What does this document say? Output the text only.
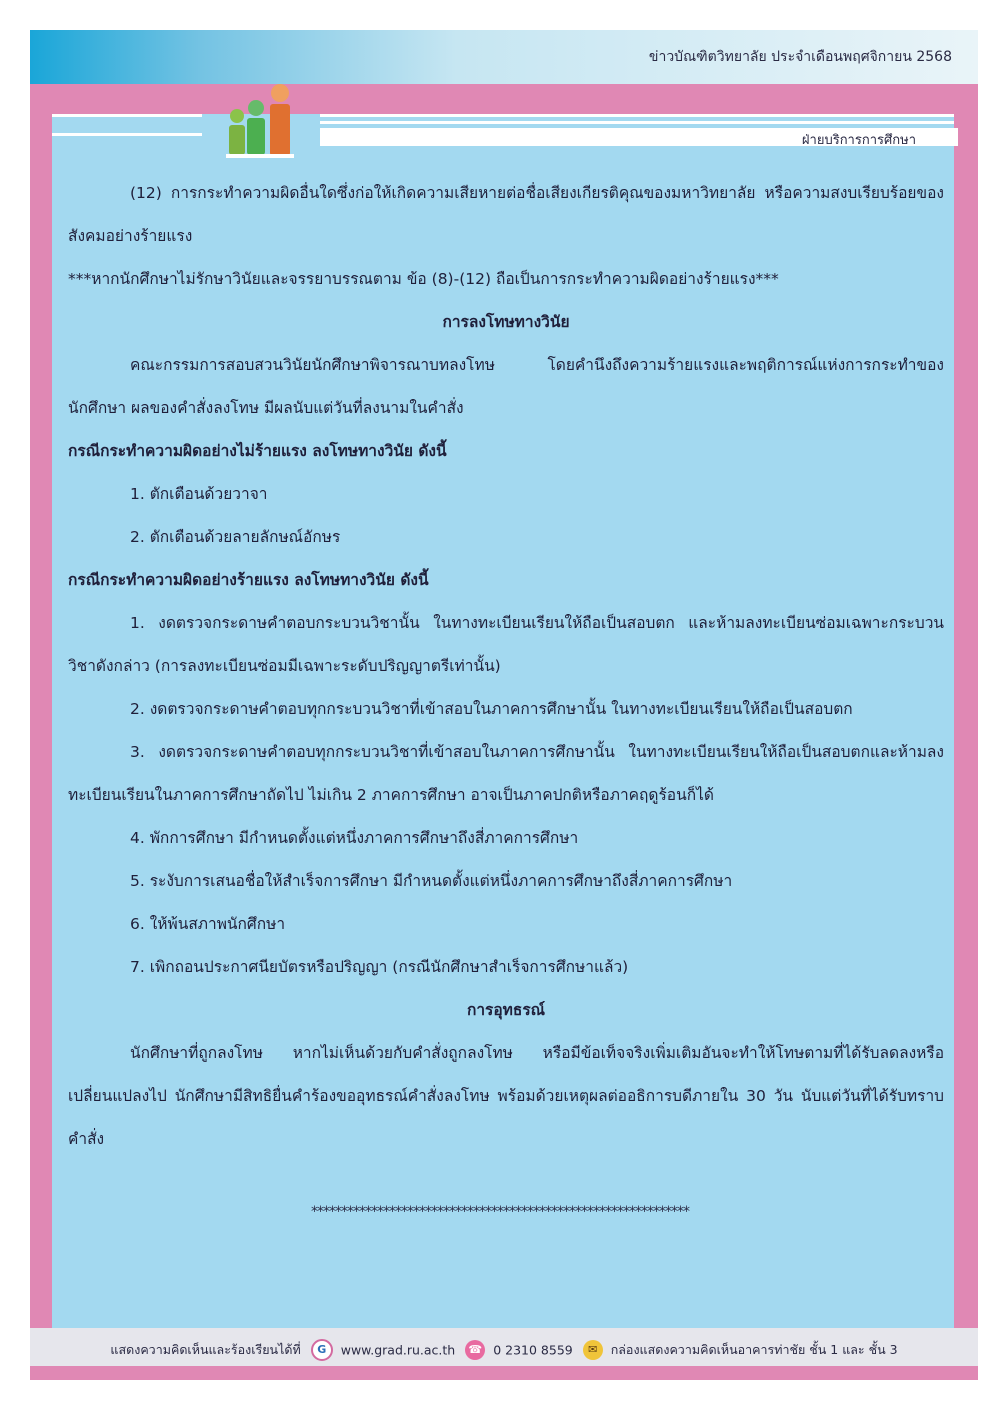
ข่าวบัณฑิตวิทยาลัย ประจำเดือนพฤศจิกายน 2568
ฝ่ายบริการการศึกษา

(12) การกระทำความผิดอื่นใดซึ่งก่อให้เกิดความเสียหายต่อชื่อเสียงเกียรติคุณของมหาวิทยาลัย หรือความสงบเรียบร้อยของสังคมอย่างร้ายแรง

***หากนักศึกษาไม่รักษาวินัยและจรรยาบรรณตาม ข้อ (8)-(12) ถือเป็นการกระทำความผิดอย่างร้ายแรง***

การลงโทษทางวินัย

คณะกรรมการสอบสวนวินัยนักศึกษาพิจารณาบทลงโทษ โดยคำนึงถึงความร้ายแรงและพฤติการณ์แห่งการกระทำของนักศึกษา ผลของคำสั่งลงโทษ มีผลนับแต่วันที่ลงนามในคำสั่ง

กรณีกระทำความผิดอย่างไม่ร้ายแรง ลงโทษทางวินัย ดังนี้

1. ตักเตือนด้วยวาจา

2. ตักเตือนด้วยลายลักษณ์อักษร

กรณีกระทำความผิดอย่างร้ายแรง ลงโทษทางวินัย ดังนี้

1. งดตรวจกระดาษคำตอบกระบวนวิชานั้น ในทางทะเบียนเรียนให้ถือเป็นสอบตก และห้ามลงทะเบียนซ่อมเฉพาะกระบวนวิชาดังกล่าว (การลงทะเบียนซ่อมมีเฉพาะระดับปริญญาตรีเท่านั้น)

2. งดตรวจกระดาษคำตอบทุกกระบวนวิชาที่เข้าสอบในภาคการศึกษานั้น ในทางทะเบียนเรียนให้ถือเป็นสอบตก

3. งดตรวจกระดาษคำตอบทุกกระบวนวิชาที่เข้าสอบในภาคการศึกษานั้น ในทางทะเบียนเรียนให้ถือเป็นสอบตกและห้ามลงทะเบียนเรียนในภาคการศึกษาถัดไป ไม่เกิน 2 ภาคการศึกษา อาจเป็นภาคปกติหรือภาคฤดูร้อนก็ได้

4. พักการศึกษา มีกำหนดตั้งแต่หนึ่งภาคการศึกษาถึงสี่ภาคการศึกษา

5. ระงับการเสนอชื่อให้สำเร็จการศึกษา มีกำหนดตั้งแต่หนึ่งภาคการศึกษาถึงสี่ภาคการศึกษา

6. ให้พ้นสภาพนักศึกษา

7. เพิกถอนประกาศนียบัตรหรือปริญญา (กรณีนักศึกษาสำเร็จการศึกษาแล้ว)

การอุทธรณ์

นักศึกษาที่ถูกลงโทษ หากไม่เห็นด้วยกับคำสั่งถูกลงโทษ หรือมีข้อเท็จจริงเพิ่มเติมอันจะทำให้โทษตามที่ได้รับลดลงหรือเปลี่ยนแปลงไป นักศึกษามีสิทธิยื่นคำร้องขออุทธรณ์คำสั่งลงโทษ พร้อมด้วยเหตุผลต่ออธิการบดีภายใน 30 วัน นับแต่วันที่ได้รับทราบคำสั่ง

***************************************************************
แสดงความคิดเห็นและร้องเรียนได้ที่ G www.grad.ru.ac.th ☎ 0 2310 8559 ✉ กล่องแสดงความคิดเห็นอาคารท่าชัย ชั้น 1 และ ชั้น 3
